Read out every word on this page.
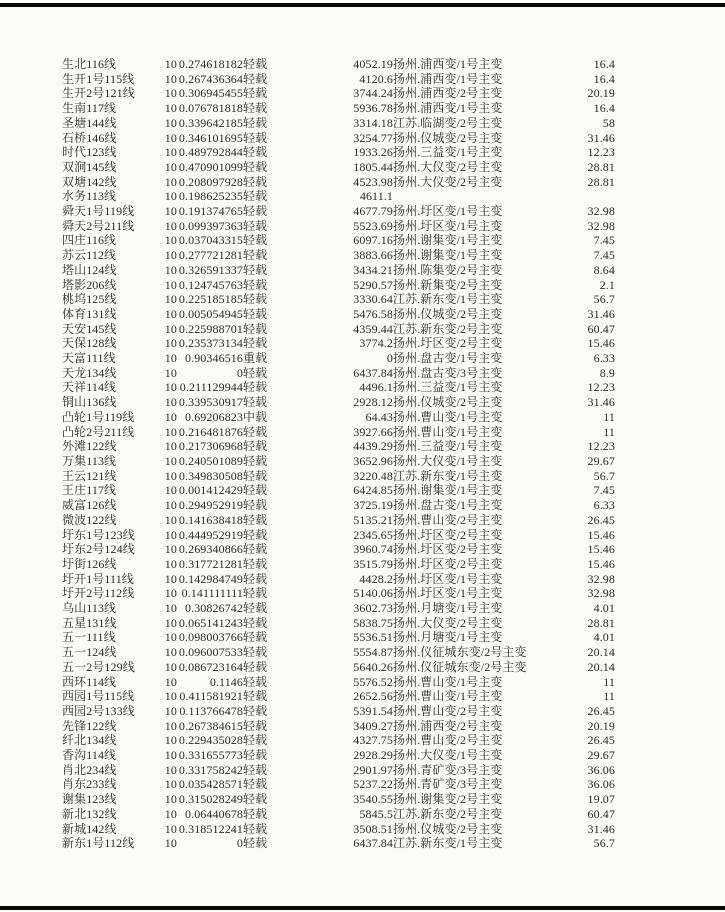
生北116线	10	0.274618182	轻载	4052.19	扬州.浦西变/1号主变	16.4
生开1号115线	10	0.267436364	轻载	4120.6	扬州.浦西变/1号主变	16.4
生开2号121线	10	0.306945455	轻载	3744.24	扬州.浦西变/2号主变	20.19
生南117线	10	0.076781818	轻载	5936.78	扬州.浦西变/1号主变	16.4
圣塘144线	10	0.339642185	轻载	3314.18	江苏.临湖变/2号主变	58
石桥146线	10	0.346101695	轻载	3254.77	扬州.仪城变/2号主变	31.46
时代123线	10	0.489792844	轻载	1933.26	扬州.三益变/1号主变	12.23
双涧145线	10	0.470901099	轻载	1805.44	扬州.大仪变/2号主变	28.81
双塘142线	10	0.208097928	轻载	4523.98	扬州.大仪变/2号主变	28.81
水务113线	10	0.198625235	轻载	4611.1		
舜天1号119线	10	0.191374765	轻载	4677.79	扬州.圩区变/1号主变	32.98
舜天2号211线	10	0.099397363	轻载	5523.69	扬州.圩区变/1号主变	32.98
四庄116线	10	0.037043315	轻载	6097.16	扬州.谢集变/1号主变	7.45
苏云112线	10	0.277721281	轻载	3883.66	扬州.谢集变/1号主变	7.45
塔山124线	10	0.326591337	轻载	3434.21	扬州.陈集变/2号主变	8.64
塔影206线	10	0.124745763	轻载	5290.57	扬州.新集变/2号主变	2.1
桃坞125线	10	0.225185185	轻载	3330.64	江苏.新东变/1号主变	56.7
体育131线	10	0.005054945	轻载	5476.58	扬州.仪城变/2号主变	31.46
天安145线	10	0.225988701	轻载	4359.44	江苏.新东变/2号主变	60.47
天保128线	10	0.235373134	轻载	3774.2	扬州.圩区变/2号主变	15.46
天富111线	10	0.90346516	重载	0	扬州.盘古变/1号主变	6.33
天龙134线	10	0	轻载	6437.84	扬州.盘古变/3号主变	8.9
天祥114线	10	0.211129944	轻载	4496.1	扬州.三益变/1号主变	12.23
铜山136线	10	0.339530917	轻载	2928.12	扬州.仪城变/2号主变	31.46
凸轮1号119线	10	0.69206823	中载	64.43	扬州.曹山变/1号主变	11
凸轮2号211线	10	0.216481876	轻载	3927.66	扬州.曹山变/1号主变	11
外滩122线	10	0.217306968	轻载	4439.29	扬州.三益变/1号主变	12.23
万集113线	10	0.240501089	轻载	3652.96	扬州.大仪变/1号主变	29.67
王云121线	10	0.349830508	轻载	3220.48	江苏.新东变/1号主变	56.7
王庄117线	10	0.001412429	轻载	6424.85	扬州.谢集变/1号主变	7.45
威富126线	10	0.294952919	轻载	3725.19	扬州.盘古变/1号主变	6.33
微波122线	10	0.141638418	轻载	5135.21	扬州.曹山变/2号主变	26.45
圩东1号123线	10	0.444952919	轻载	2345.65	扬州.圩区变/2号主变	15.46
圩东2号124线	10	0.269340866	轻载	3960.74	扬州.圩区变/2号主变	15.46
圩街126线	10	0.317721281	轻载	3515.79	扬州.圩区变/2号主变	15.46
圩开1号111线	10	0.142984749	轻载	4428.2	扬州.圩区变/1号主变	32.98
圩开2号112线	10	0.141111111	轻载	5140.06	扬州.圩区变/1号主变	32.98
乌山113线	10	0.30826742	轻载	3602.73	扬州.月塘变/1号主变	4.01
五星131线	10	0.065141243	轻载	5838.75	扬州.大仪变/2号主变	28.81
五一111线	10	0.098003766	轻载	5536.51	扬州.月塘变/1号主变	4.01
五一124线	10	0.096007533	轻载	5554.87	扬州.仪征城东变/2号主变	20.14
五一2号129线	10	0.086723164	轻载	5640.26	扬州.仪征城东变/2号主变	20.14
西环114线	10	0.1146	轻载	5576.52	扬州.曹山变/1号主变	11
西园1号115线	10	0.411581921	轻载	2652.56	扬州.曹山变/1号主变	11
西园2号133线	10	0.113766478	轻载	5391.54	扬州.曹山变/2号主变	26.45
先锋122线	10	0.267384615	轻载	3409.27	扬州.浦西变/2号主变	20.19
纤北134线	10	0.229435028	轻载	4327.75	扬州.曹山变/2号主变	26.45
香沟114线	10	0.331655773	轻载	2928.29	扬州.大仪变/1号主变	29.67
肖北234线	10	0.331758242	轻载	2901.97	扬州.青矿变/3号主变	36.06
肖东233线	10	0.035428571	轻载	5237.22	扬州.青矿变/3号主变	36.06
谢集123线	10	0.315028249	轻载	3540.55	扬州.谢集变/2号主变	19.07
新北132线	10	0.06440678	轻载	5845.5	江苏.新东变/2号主变	60.47
新城142线	10	0.318512241	轻载	3508.51	扬州.仪城变/2号主变	31.46
新东1号112线	10	0	轻载	6437.84	江苏.新东变/1号主变	56.7
